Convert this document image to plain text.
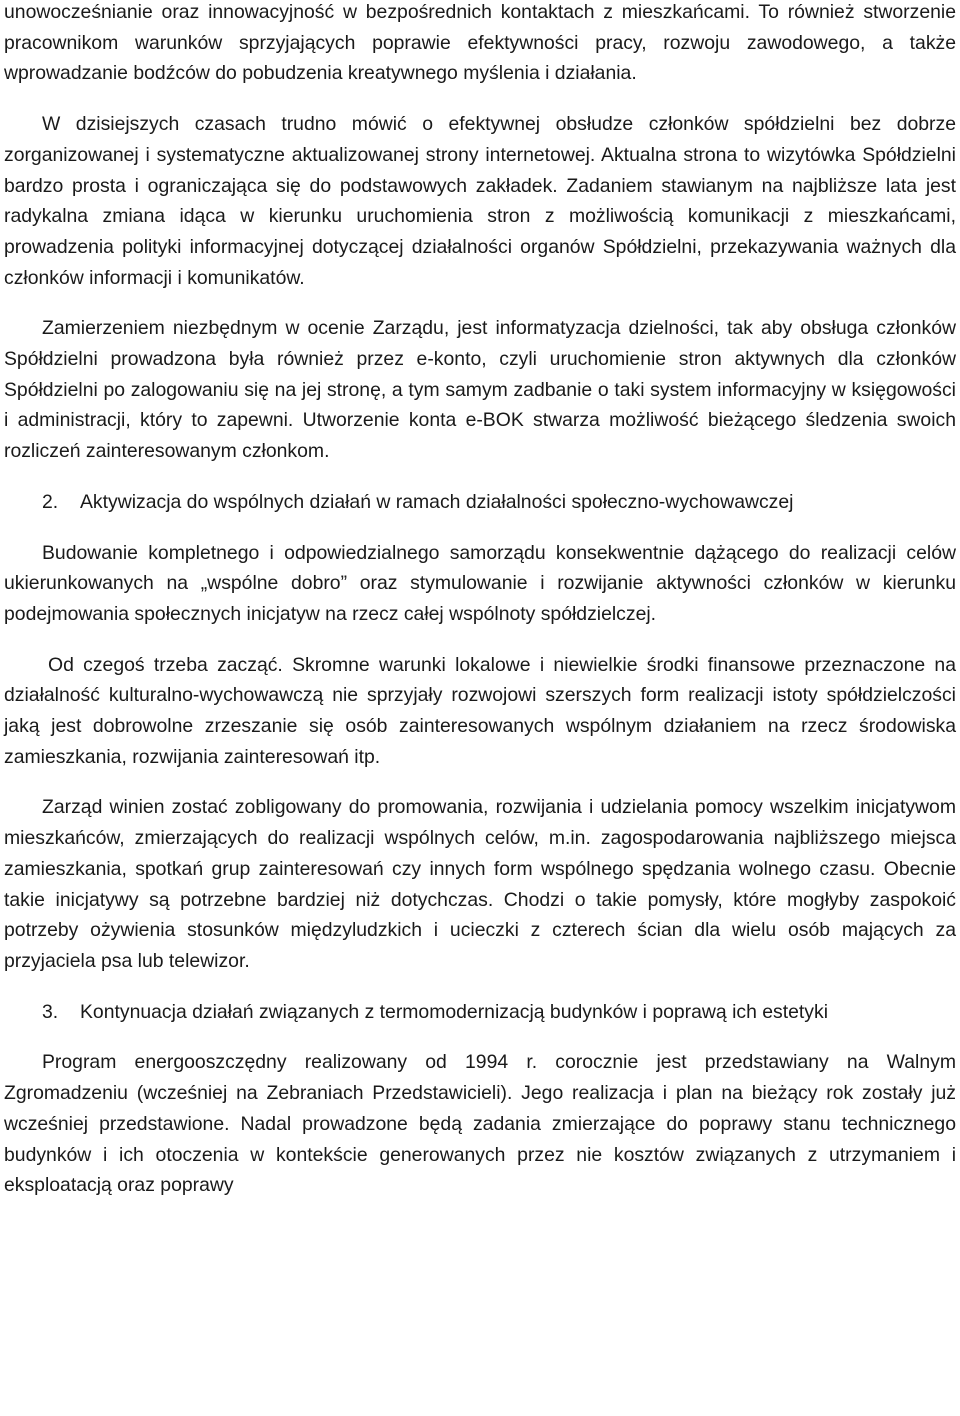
unowocześnianie oraz innowacyjność w bezpośrednich kontaktach z mieszkańcami. To również stworzenie pracownikom warunków sprzyjających poprawie efektywności pracy, rozwoju zawodowego, a także wprowadzanie bodźców do pobudzenia kreatywnego myślenia i działania.

W dzisiejszych czasach trudno mówić o efektywnej obsłudze członków spółdzielni bez dobrze zorganizowanej i systematyczne aktualizowanej strony internetowej. Aktualna strona to wizytówka Spółdzielni bardzo prosta i ograniczająca się do podstawowych zakładek. Zadaniem stawianym na najbliższe lata jest radykalna zmiana idąca w kierunku uruchomienia stron z możliwością komunikacji z mieszkańcami, prowadzenia polityki informacyjnej dotyczącej działalności organów Spółdzielni, przekazywania ważnych dla członków informacji i komunikatów.

Zamierzeniem niezbędnym w ocenie Zarządu, jest informatyzacja dzielności, tak aby obsługa członków Spółdzielni prowadzona była również przez e-konto, czyli uruchomienie stron aktywnych dla członków Spółdzielni po zalogowaniu się na jej stronę, a tym samym zadbanie o taki system informacyjny w księgowości i administracji, który to zapewni. Utworzenie konta e-BOK stwarza możliwość bieżącego śledzenia swoich rozliczeń zainteresowanym członkom.

2.	Aktywizacja do wspólnych działań w ramach działalności społeczno-wychowawczej

Budowanie kompletnego i odpowiedzialnego samorządu konsekwentnie dążącego do realizacji celów ukierunkowanych na „wspólne dobro” oraz stymulowanie i rozwijanie aktywności członków w kierunku podejmowania społecznych inicjatyw na rzecz całej wspólnoty spółdzielczej.

Od czegoś trzeba zacząć. Skromne warunki lokalowe i niewielkie środki finansowe przeznaczone na działalność kulturalno-wychowawczą nie sprzyjały rozwojowi szerszych form realizacji istoty spółdzielczości jaką jest dobrowolne zrzeszanie się osób zainteresowanych wspólnym działaniem na rzecz środowiska zamieszkania, rozwijania zainteresowań itp.

Zarząd winien zostać zobligowany do promowania, rozwijania i udzielania pomocy wszelkim inicjatywom mieszkańców, zmierzających do realizacji wspólnych celów, m.in. zagospodarowania najbliższego miejsca zamieszkania, spotkań grup zainteresowań czy innych form wspólnego spędzania wolnego czasu. Obecnie takie inicjatywy są potrzebne bardziej niż dotychczas. Chodzi o takie pomysły, które mogłyby zaspokoić potrzeby ożywienia stosunków międzyludzkich i ucieczki z czterech ścian dla wielu osób mających za przyjaciela psa lub telewizor.

3.	Kontynuacja działań związanych z termomodernizacją budynków i poprawą ich estetyki

Program energooszczędny realizowany od 1994 r. corocznie jest przedstawiany na Walnym Zgromadzeniu (wcześniej na Zebraniach Przedstawicieli). Jego realizacja i plan na bieżący rok zostały już wcześniej przedstawione. Nadal prowadzone będą zadania zmierzające do poprawy stanu technicznego budynków i ich otoczenia w kontekście generowanych przez nie kosztów związanych z utrzymaniem i eksploatacją oraz poprawy
